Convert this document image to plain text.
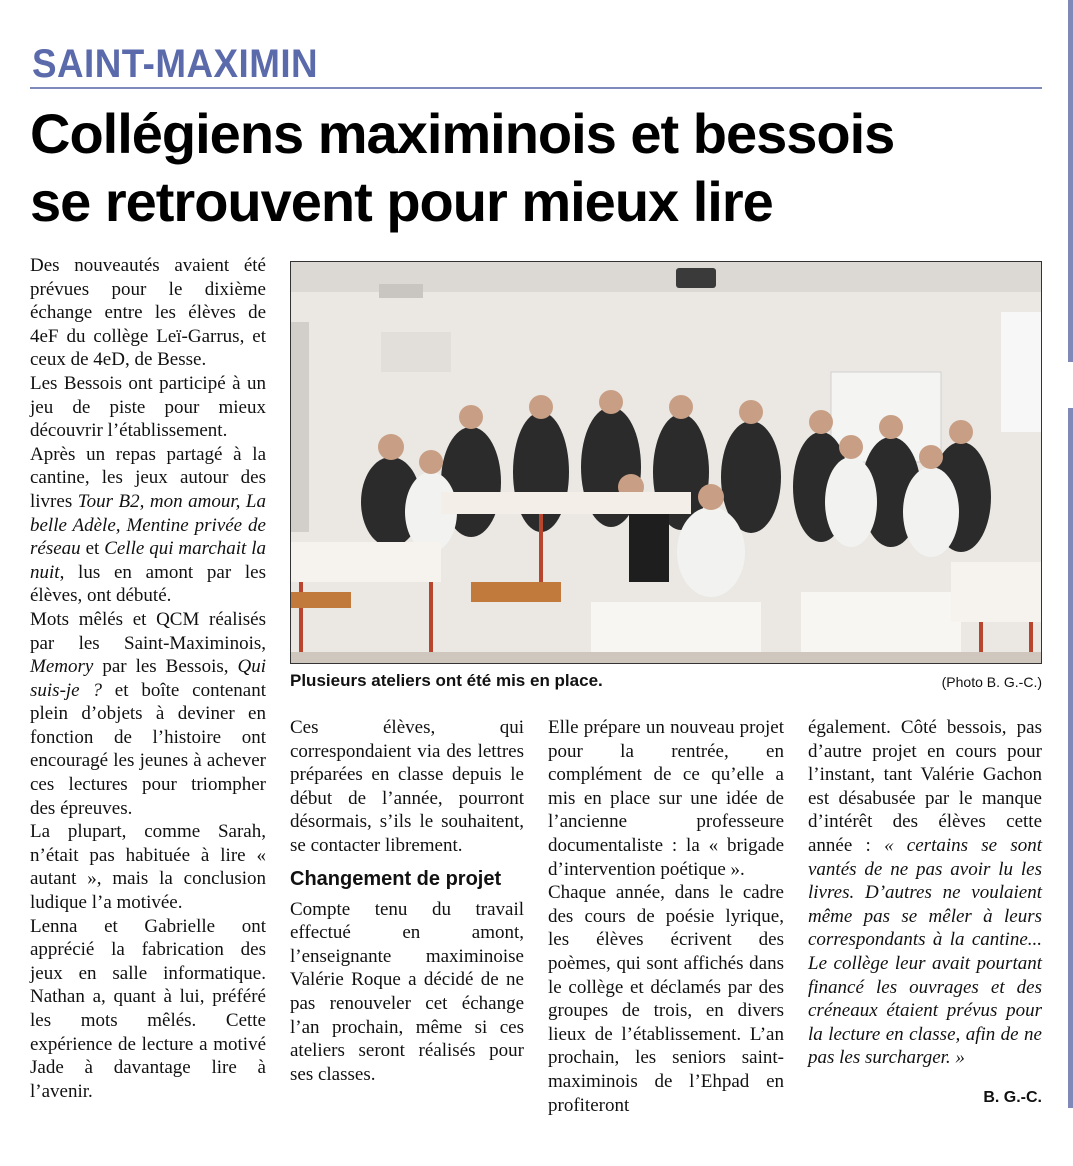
SAINT-MAXIMIN
Collégiens maximinois et bessois
se retrouvent pour mieux lire

Des nouveautés avaient été prévues pour le dixième échange entre les élèves de 4eF du collège Leï-Garrus, et ceux de 4eD, de Besse.

Les Bessois ont participé à un jeu de piste pour mieux découvrir l’établissement.

Après un repas partagé à la cantine, les jeux autour des livres Tour B2, mon amour, La belle Adèle, Mentine privée de réseau et Celle qui marchait la nuit, lus en amont par les élèves, ont débuté.

Mots mêlés et QCM réalisés par les Saint-Maximinois, Memory par les Bessois, Qui suis-je ? et boîte contenant plein d’objets à deviner en fonction de l’histoire ont encouragé les jeunes à achever ces lectures pour triompher des épreuves.

La plupart, comme Sarah, n’était pas habituée à lire « autant », mais la conclusion ludique l’a motivée.

Lenna et Gabrielle ont apprécié la fabrication des jeux en salle informatique. Nathan a, quant à lui, préféré les mots mêlés. Cette expérience de lecture a motivé Jade à davantage lire à l’avenir.

Plusieurs ateliers ont été mis en place.	(Photo B. G.-C.)

Ces élèves, qui correspondaient via des lettres préparées en classe depuis le début de l’année, pourront désormais, s’ils le souhaitent, se contacter librement.

Changement de projet

Compte tenu du travail effectué en amont, l’enseignante maximinoise Valérie Roque a décidé de ne pas renouveler cet échange l’an prochain, même si ces ateliers seront réalisés pour ses classes.

Elle prépare un nouveau projet pour la rentrée, en complément de ce qu’elle a mis en place sur une idée de l’ancienne professeure documentaliste : la « brigade d’intervention poétique ».

Chaque année, dans le cadre des cours de poésie lyrique, les élèves écrivent des poèmes, qui sont affichés dans le collège et déclamés par des groupes de trois, en divers lieux de l’établissement. L’an prochain, les seniors saint-maximinois de l’Ehpad en profiteront

également. Côté bessois, pas d’autre projet en cours pour l’instant, tant Valérie Gachon est désabusée par le manque d’intérêt des élèves cette année : « certains se sont vantés de ne pas avoir lu les livres. D’autres ne voulaient même pas se mêler à leurs correspondants à la cantine... Le collège leur avait pourtant financé les ouvrages et des créneaux étaient prévus pour la lecture en classe, afin de ne pas les surcharger. »

B. G.-C.
